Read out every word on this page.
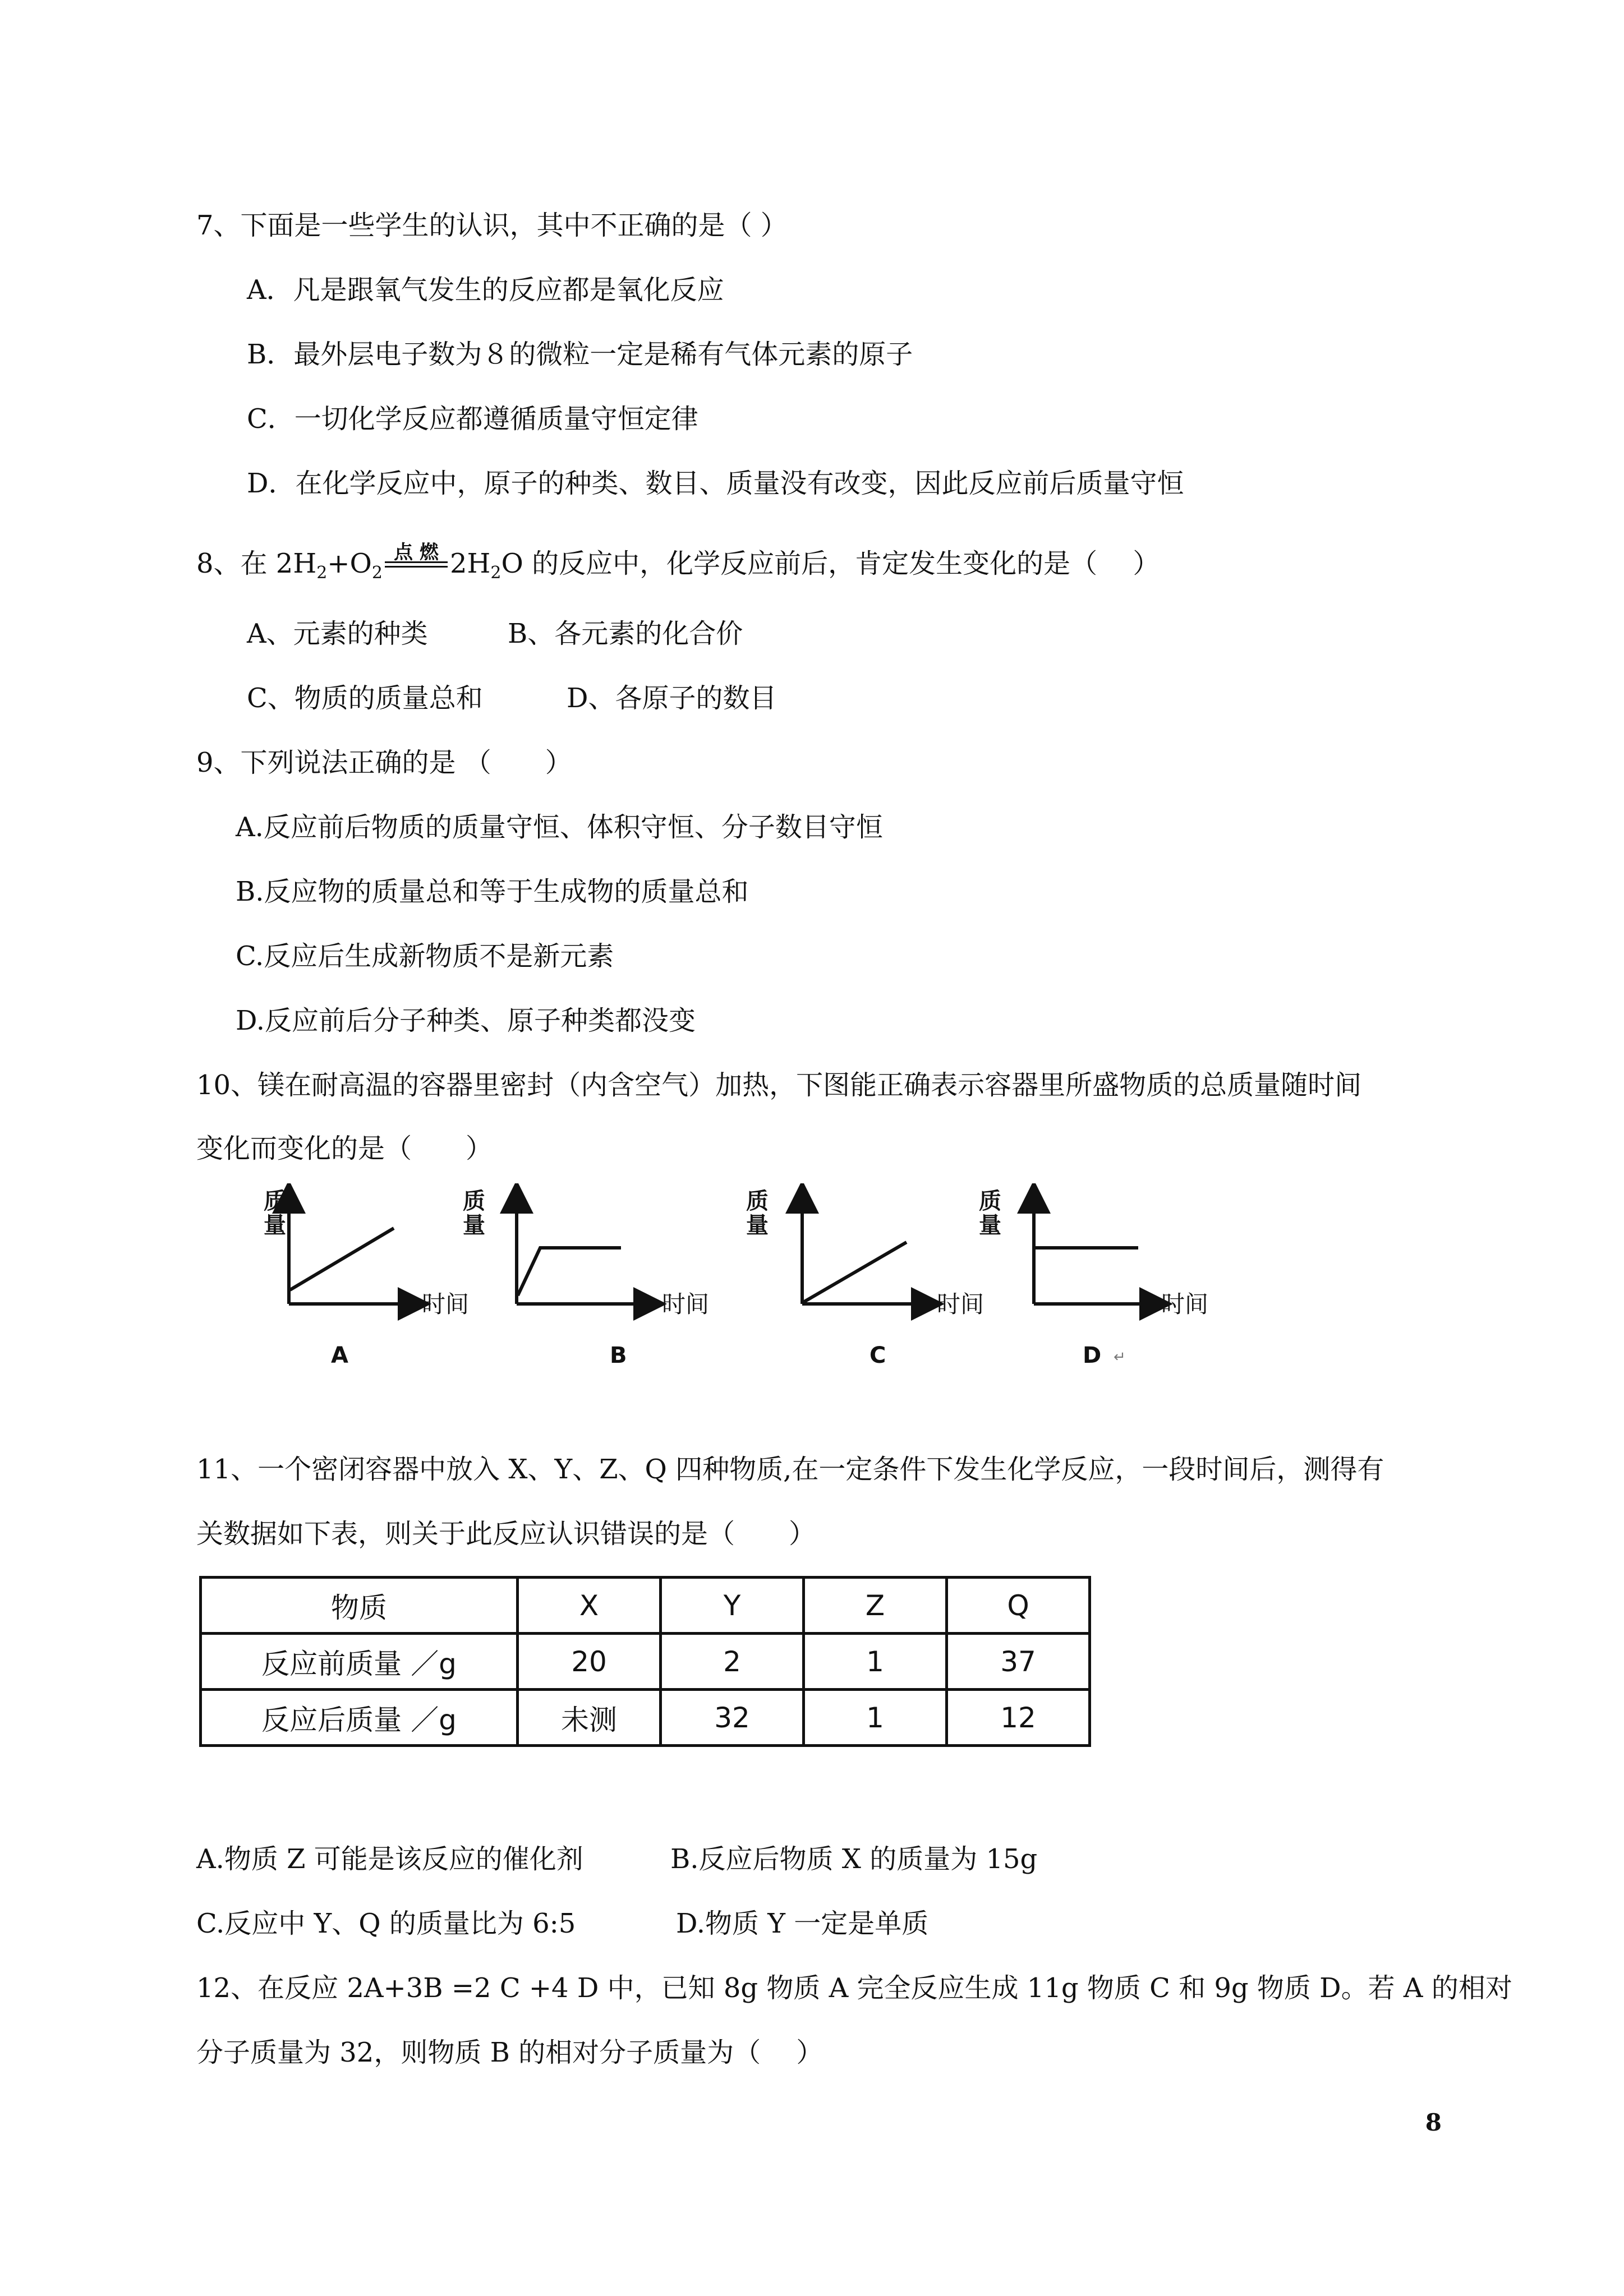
7、下面是一些学生的认识，其中不正确的是（ ）
A．凡是跟氧气发生的反应都是氧化反应
B．最外层电子数为８的微粒一定是稀有气体元素的原子
C．一切化学反应都遵循质量守恒定律
D．在化学反应中，原子的种类、数目、质量没有改变，因此反应前后质量守恒
8、在 $2H_2+O_2$
点 燃 $2H_2O$ 的反应中，化学反应前后，肯定发生变化的是（　 ）
A、元素的种类	B、各元素的化合价
C、物质的质量总和	D、各原子的数目
9、下列说法正确的是 （　　）
A.反应前后物质的质量守恒、体积守恒、分子数目守恒
B.反应物的质量总和等于生成物的质量总和
C.反应后生成新物质不是新元素
D.反应前后分子种类、原子种类都没变
10、镁在耐高温的容器里密封（内含空气）加热，下图能正确表示容器里所盛物质的总质量随时间
变化而变化的是（　　）
质
量
时间
A
质
量
时间
B
质
量
时间
C
质
量
时间
D ↵
11、一个密闭容器中放入 X、Y、Z、Q 四种物质,在一定条件下发生化学反应，一段时间后，测得有
关数据如下表，则关于此反应认识错误的是（　　）
物质	X	Y	Z	Q
反应前质量 ／g	20	2	1	37
反应后质量 ／g	未测	32	1	12
A.物质 Z 可能是该反应的催化剂	B.反应后物质 X 的质量为 15g
C.反应中 Y、Q 的质量比为 6:5	D.物质 Y 一定是单质
12、在反应 2A+3B =2 C +4 D 中，已知 8g 物质 A 完全反应生成 11g 物质 C 和 9g 物质 D。若 A 的相对
分子质量为 32，则物质 B 的相对分子质量为（　 ）
8
